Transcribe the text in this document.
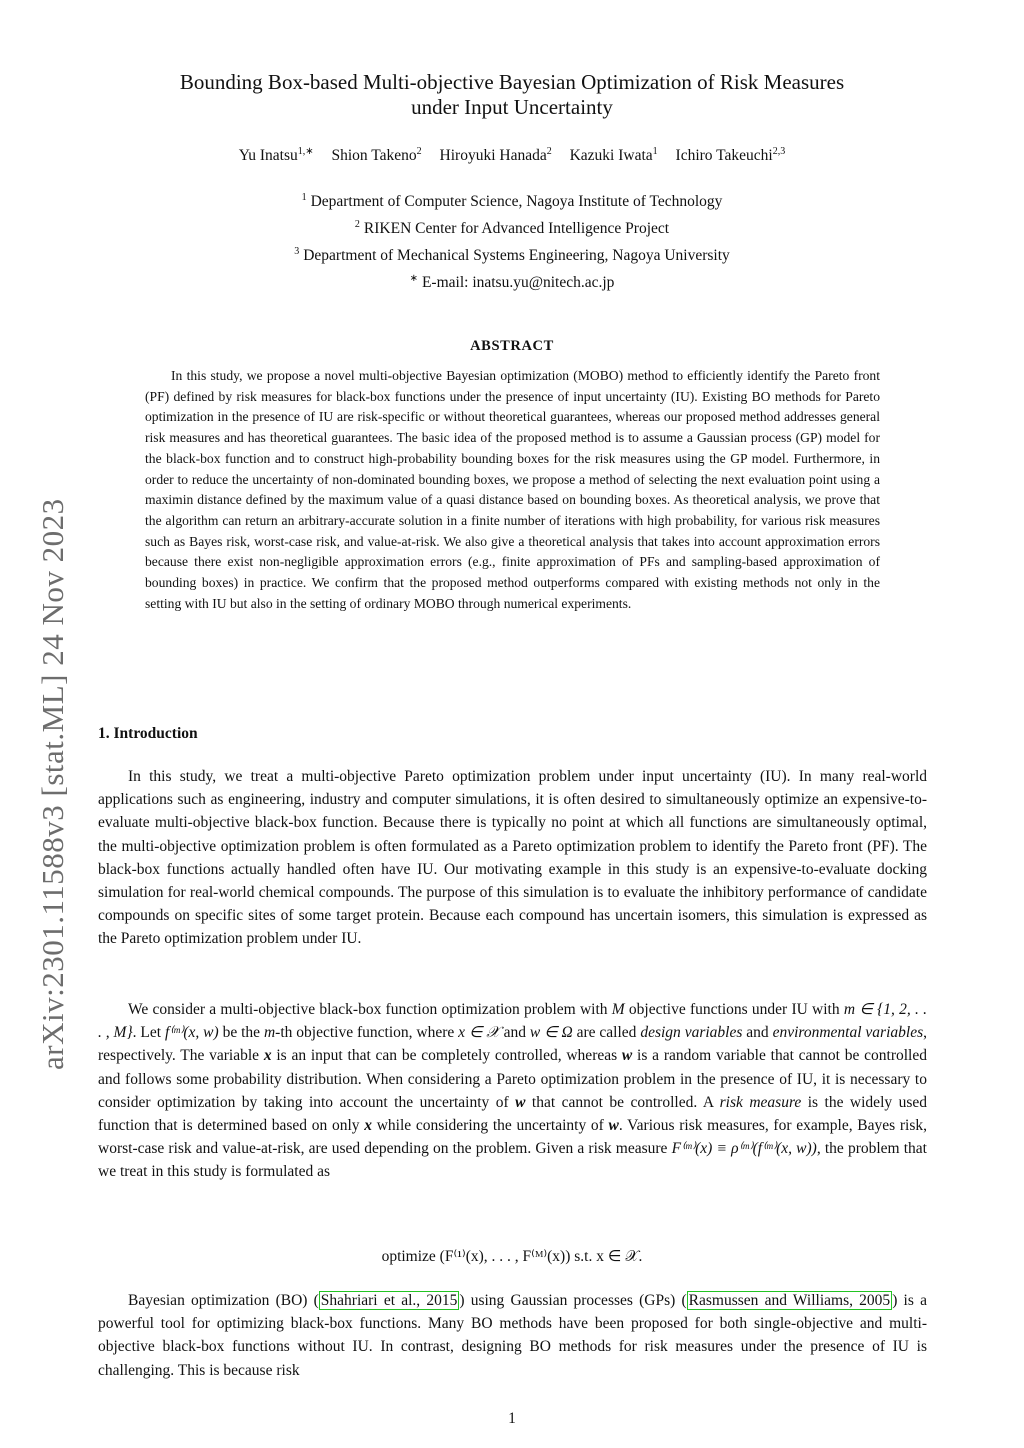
arXiv:2301.11588v3 [stat.ML] 24 Nov 2023
Bounding Box-based Multi-objective Bayesian Optimization of Risk Measures
under Input Uncertainty
Yu Inatsu$^{1,∗}$ Shion Takeno$^2$ Hiroyuki Hanada$^2$ Kazuki Iwata$^1$ Ichiro Takeuchi$^{2,3}$
$^1$ Department of Computer Science, Nagoya Institute of Technology
$^2$ RIKEN Center for Advanced Intelligence Project
$^3$ Department of Mechanical Systems Engineering, Nagoya University
∗ E-mail: inatsu.yu@nitech.ac.jp
ABSTRACT

In this study, we propose a novel multi-objective Bayesian optimization (MOBO) method to efficiently identify the Pareto front (PF) defined by risk measures for black-box functions under the presence of input uncertainty (IU). Existing BO methods for Pareto optimization in the presence of IU are risk-specific or without theoretical guarantees, whereas our proposed method addresses general risk measures and has theoretical guarantees. The basic idea of the proposed method is to assume a Gaussian process (GP) model for the black-box function and to construct high-probability bounding boxes for the risk measures using the GP model. Furthermore, in order to reduce the uncertainty of non-dominated bounding boxes, we propose a method of selecting the next evaluation point using a maximin distance defined by the maximum value of a quasi distance based on bounding boxes. As theoretical analysis, we prove that the algorithm can return an arbitrary-accurate solution in a finite number of iterations with high probability, for various risk measures such as Bayes risk, worst-case risk, and value-at-risk. We also give a theoretical analysis that takes into account approximation errors because there exist non-negligible approximation errors (e.g., finite approximation of PFs and sampling-based approximation of bounding boxes) in practice. We confirm that the proposed method outperforms compared with existing methods not only in the setting with IU but also in the setting of ordinary MOBO through numerical experiments.

1. Introduction

In this study, we treat a multi-objective Pareto optimization problem under input uncertainty (IU). In many real-world applications such as engineering, industry and computer simulations, it is often desired to simultaneously optimize an expensive-to-evaluate multi-objective black-box function. Because there is typically no point at which all functions are simultaneously optimal, the multi-objective optimization problem is often formulated as a Pareto optimization problem to identify the Pareto front (PF). The black-box functions actually handled often have IU. Our motivating example in this study is an expensive-to-evaluate docking simulation for real-world chemical compounds. The purpose of this simulation is to evaluate the inhibitory performance of candidate compounds on specific sites of some target protein. Because each compound has uncertain isomers, this simulation is expressed as the Pareto optimization problem under IU.

We consider a multi-objective black-box function optimization problem with M objective functions under IU with m ∈ {1, 2, . . . , M}. Let f⁽ᵐ⁾(x, w) be the m-th objective function, where x ∈ 𝒳 and w ∈ Ω are called design variables and environmental variables, respectively. The variable x is an input that can be completely controlled, whereas w is a random variable that cannot be controlled and follows some probability distribution. When considering a Pareto optimization problem in the presence of IU, it is necessary to consider optimization by taking into account the uncertainty of w that cannot be controlled. A risk measure is the widely used function that is determined based on only x while considering the uncertainty of w. Various risk measures, for example, Bayes risk, worst-case risk and value-at-risk, are used depending on the problem. Given a risk measure F⁽ᵐ⁾(x) ≡ ρ⁽ᵐ⁾(f⁽ᵐ⁾(x, w)), the problem that we treat in this study is formulated as

optimize (F⁽¹⁾(x), . . . , F⁽ᴹ⁾(x)) s.t. x ∈ 𝒳.

Bayesian optimization (BO) ( Shahriari et al., 2015 ) using Gaussian processes (GPs) ( Rasmussen and Williams, 2005 ) is a powerful tool for optimizing black-box functions. Many BO methods have been proposed for both single-objective and multi-objective black-box functions without IU. In contrast, designing BO methods for risk measures under the presence of IU is challenging. This is because risk

1
